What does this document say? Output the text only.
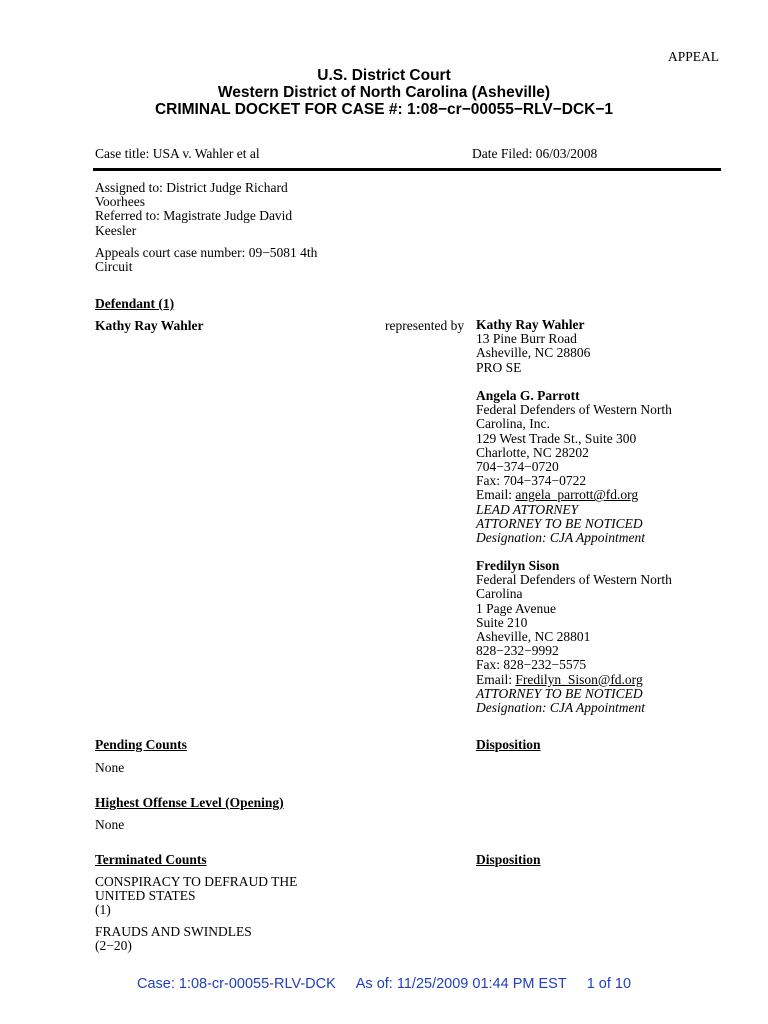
APPEAL
U.S. District Court
Western District of North Carolina (Asheville)
CRIMINAL DOCKET FOR CASE #: 1:08−cr−00055−RLV−DCK−1
Case title: USA v. Wahler et al	Date Filed: 06/03/2008
Assigned to: District Judge Richard
Voorhees
Referred to: Magistrate Judge David
Keesler
Appeals court case number: 09−5081 4th
Circuit
Defendant (1)
Kathy Ray Wahler	represented by Kathy Ray Wahler
13 Pine Burr Road
Asheville, NC 28806
PRO SE
Angela G. Parrott
Federal Defenders of Western North
Carolina, Inc.
129 West Trade St., Suite 300
Charlotte, NC 28202
704−374−0720
Fax: 704−374−0722
Email: angela_parrott@fd.org
LEAD ATTORNEY
ATTORNEY TO BE NOTICED
Designation: CJA Appointment
Fredilyn Sison
Federal Defenders of Western North
Carolina
1 Page Avenue
Suite 210
Asheville, NC 28801
828−232−9992
Fax: 828−232−5575
Email: Fredilyn_Sison@fd.org
ATTORNEY TO BE NOTICED
Designation: CJA Appointment
Pending Counts	Disposition
None
Highest Offense Level (Opening)
None
Terminated Counts	Disposition
CONSPIRACY TO DEFRAUD THE
UNITED STATES
(1)
FRAUDS AND SWINDLES
(2−20)
Case: 1:08-cr-00055-RLV-DCK As of: 11/25/2009 01:44 PM EST 1 of 10
